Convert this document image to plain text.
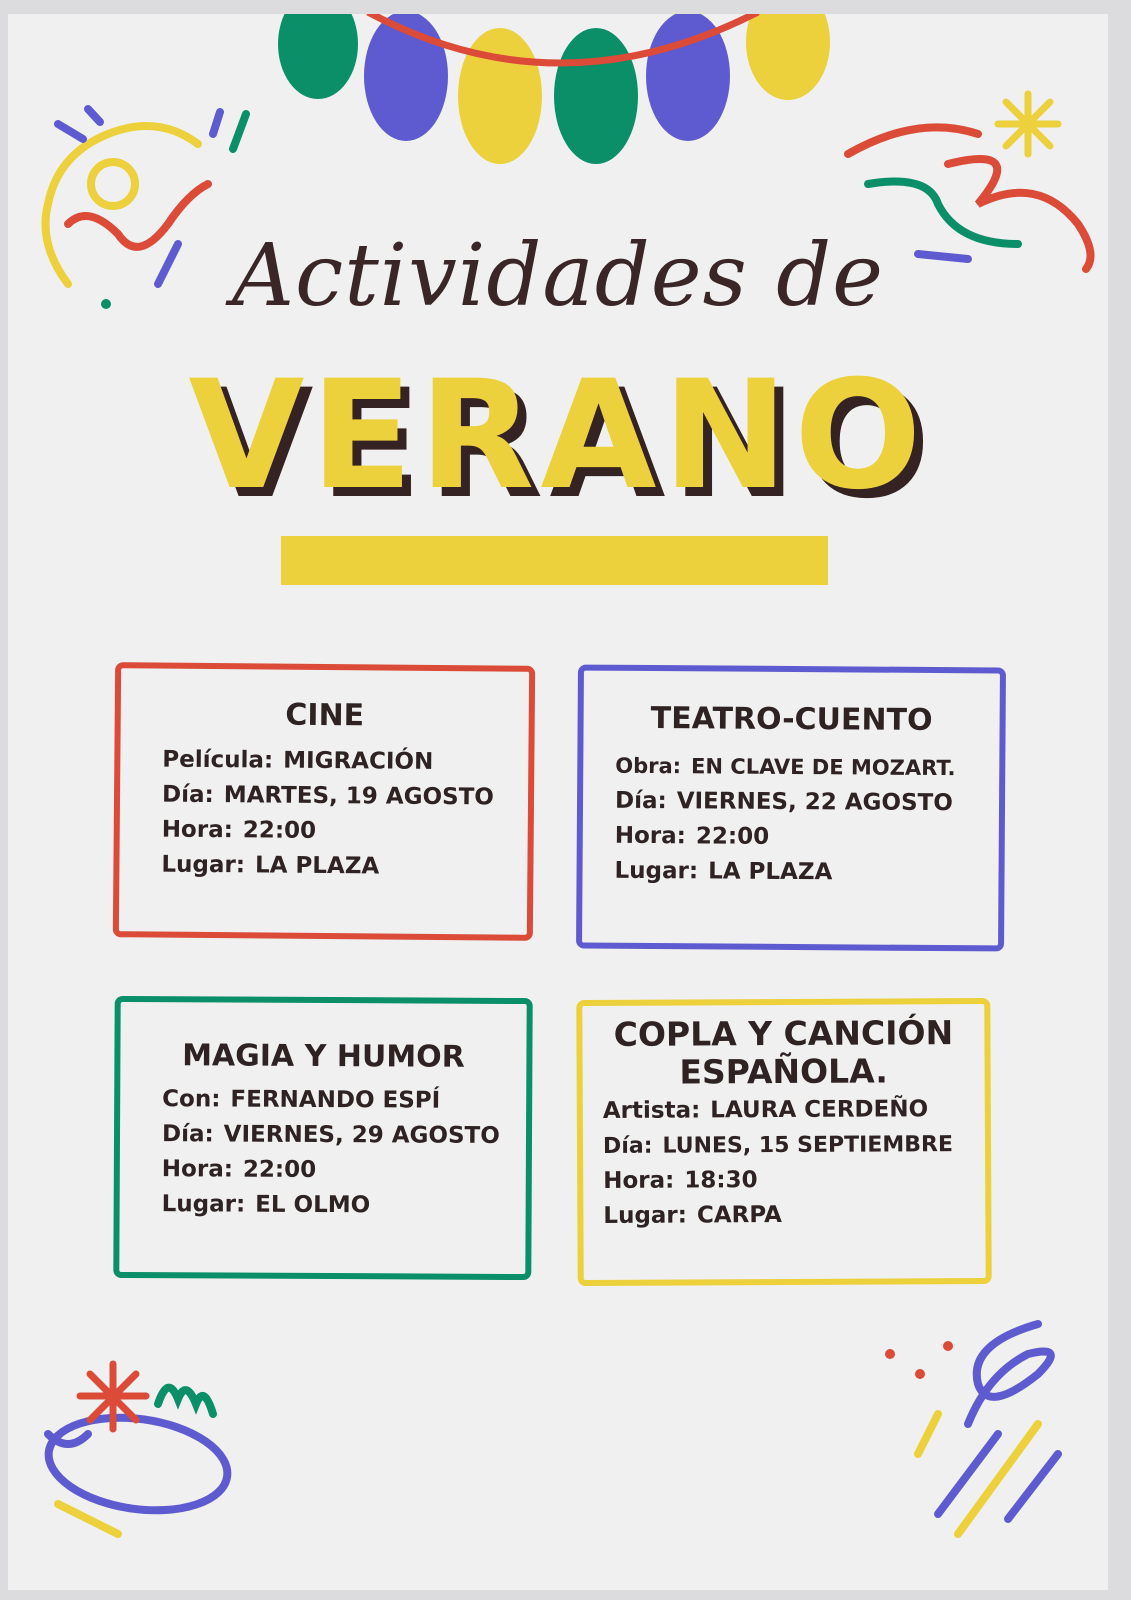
Actividades de
VERANO
CINE
Película: MIGRACIÓN
Día: MARTES, 19 AGOSTO
Hora: 22:00
Lugar: LA PLAZA
TEATRO-CUENTO
Obra: EN CLAVE DE MOZART.
Día: VIERNES, 22 AGOSTO
Hora: 22:00
Lugar: LA PLAZA
MAGIA Y HUMOR
Con: FERNANDO ESPÍ
Día: VIERNES, 29 AGOSTO
Hora: 22:00
Lugar: EL OLMO
COPLA Y CANCIÓN
ESPAÑOLA.
Artista: LAURA CERDEÑO
Día: LUNES, 15 SEPTIEMBRE
Hora: 18:30
Lugar: CARPA
